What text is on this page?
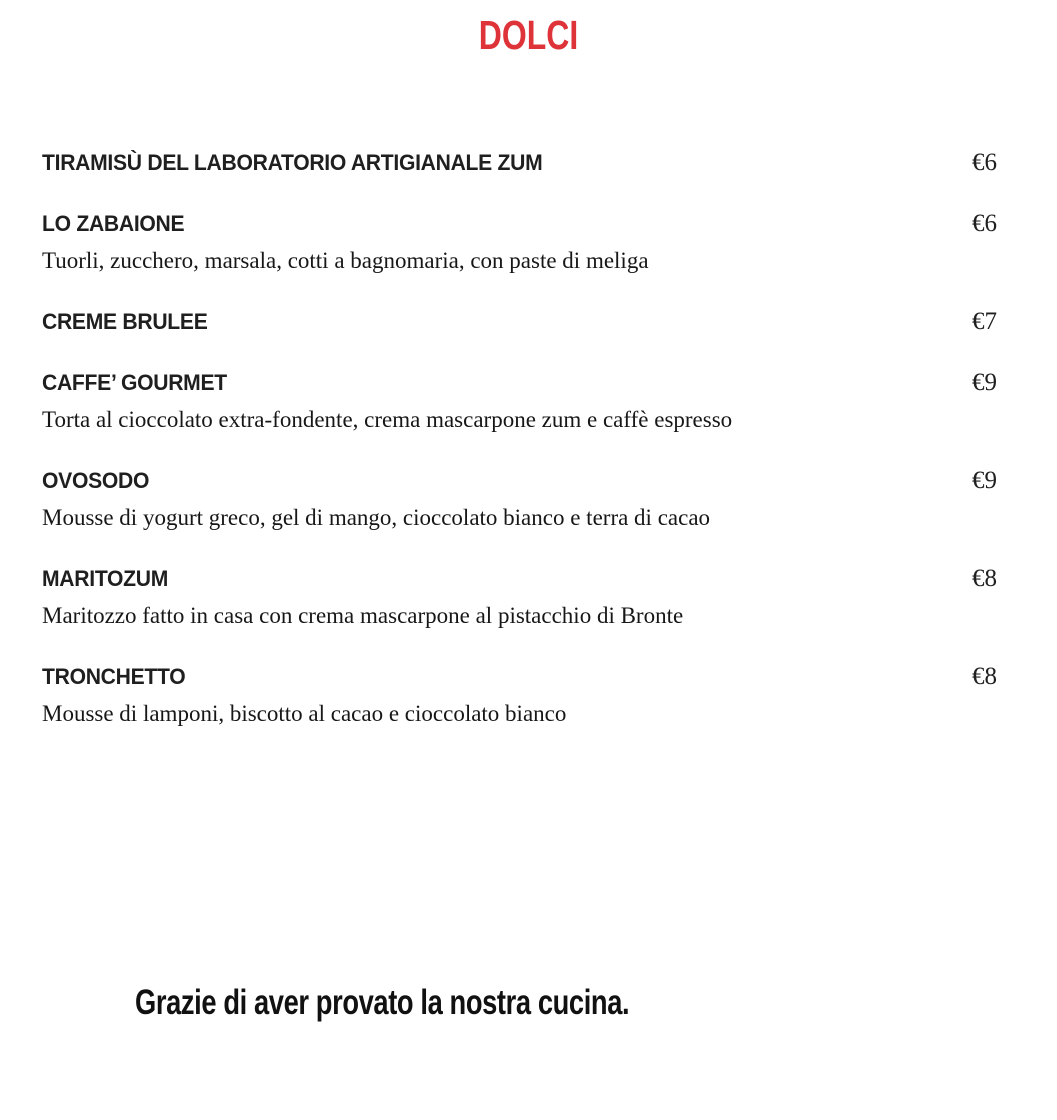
DOLCI
TIRAMISÙ DEL LABORATORIO ARTIGIANALE ZUM	€6
LO ZABAIONE	€6
Tuorli, zucchero, marsala, cotti a bagnomaria, con paste di meliga
CREME BRULEE	€7
CAFFE’ GOURMET	€9
Torta al cioccolato extra-fondente, crema mascarpone zum e caffè espresso
OVOSODO	€9
Mousse di yogurt greco, gel di mango, cioccolato bianco e terra di cacao
MARITOZUM	€8
Maritozzo fatto in casa con crema mascarpone al pistacchio di Bronte
TRONCHETTO	€8
Mousse di lamponi, biscotto al cacao e cioccolato bianco
Grazie di aver provato la nostra cucina.
